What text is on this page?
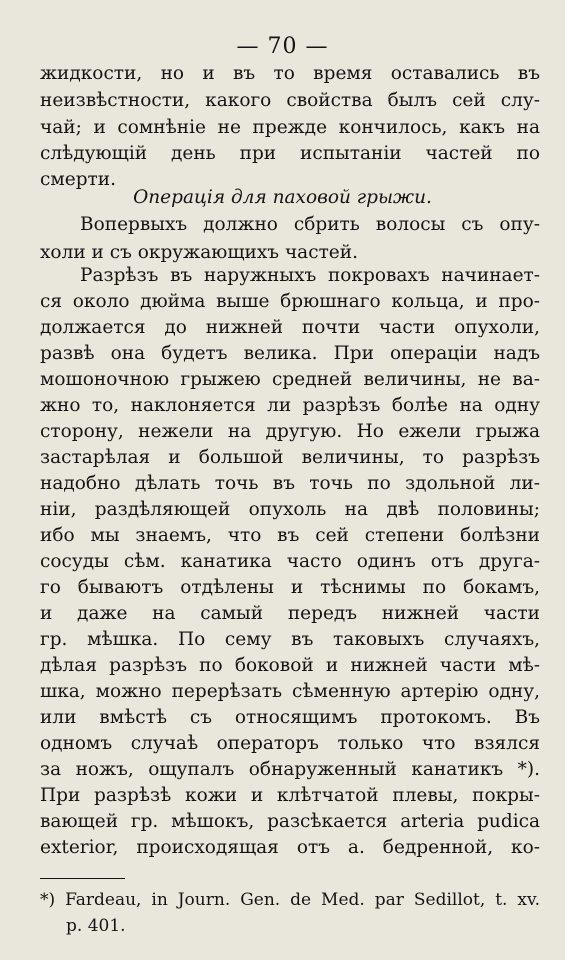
— 70 —
жидкости, но и въ то время оставались въ
неизвѣстности, какого свойства былъ сей слу-
чай; и сомнѣніе не прежде кончилось, какъ на
слѣдующій день при испытаніи частей по
смерти.
Операція для паховой грыжи.
Вопервыхъ должно сбрить волосы съ опу-
холи и съ окружающихъ частей.
Разрѣзъ въ наружныхъ покровахъ начинает-
ся около дюйма выше брюшнаго кольца, и про-
должается до нижней почти части опухоли,
развѣ она будетъ велика. При операціи надъ
мошоночною грыжею средней величины, не ва-
жно то, наклоняется ли разрѣзъ болѣе на одну
сторону, нежели на другую. Но ежели грыжа
застарѣлая и большой величины, то разрѣзъ
надобно дѣлать точь въ точь по здольной ли-
ніи, раздѣляющей опухоль на двѣ половины;
ибо мы знаемъ, что въ сей степени болѣзни
сосуды сѣм. канатика часто одинъ отъ друга-
го бываютъ отдѣлены и тѣснимы по бокамъ,
и даже на самый передъ нижней части
гр. мѣшка. По сему въ таковыхъ случаяхъ,
дѣлая разрѣзъ по боковой и нижней части мѣ-
шка, можно перерѣзать сѣменную артерію одну,
или вмѣстѣ съ относящимъ протокомъ. Въ
одномъ случаѣ операторъ только что взялся
за ножъ, ощупалъ обнаруженный канатикъ *).
При разрѣзѣ кожи и клѣтчатой плевы, покры-
вающей гр. мѣшокъ, разсѣкается arteria pudica
exterior, происходящая отъ а. бедренной, ко-
*) Fardeau, in Journ. Gen. de Med. par Sedillot, t. xv.
p. 401.
